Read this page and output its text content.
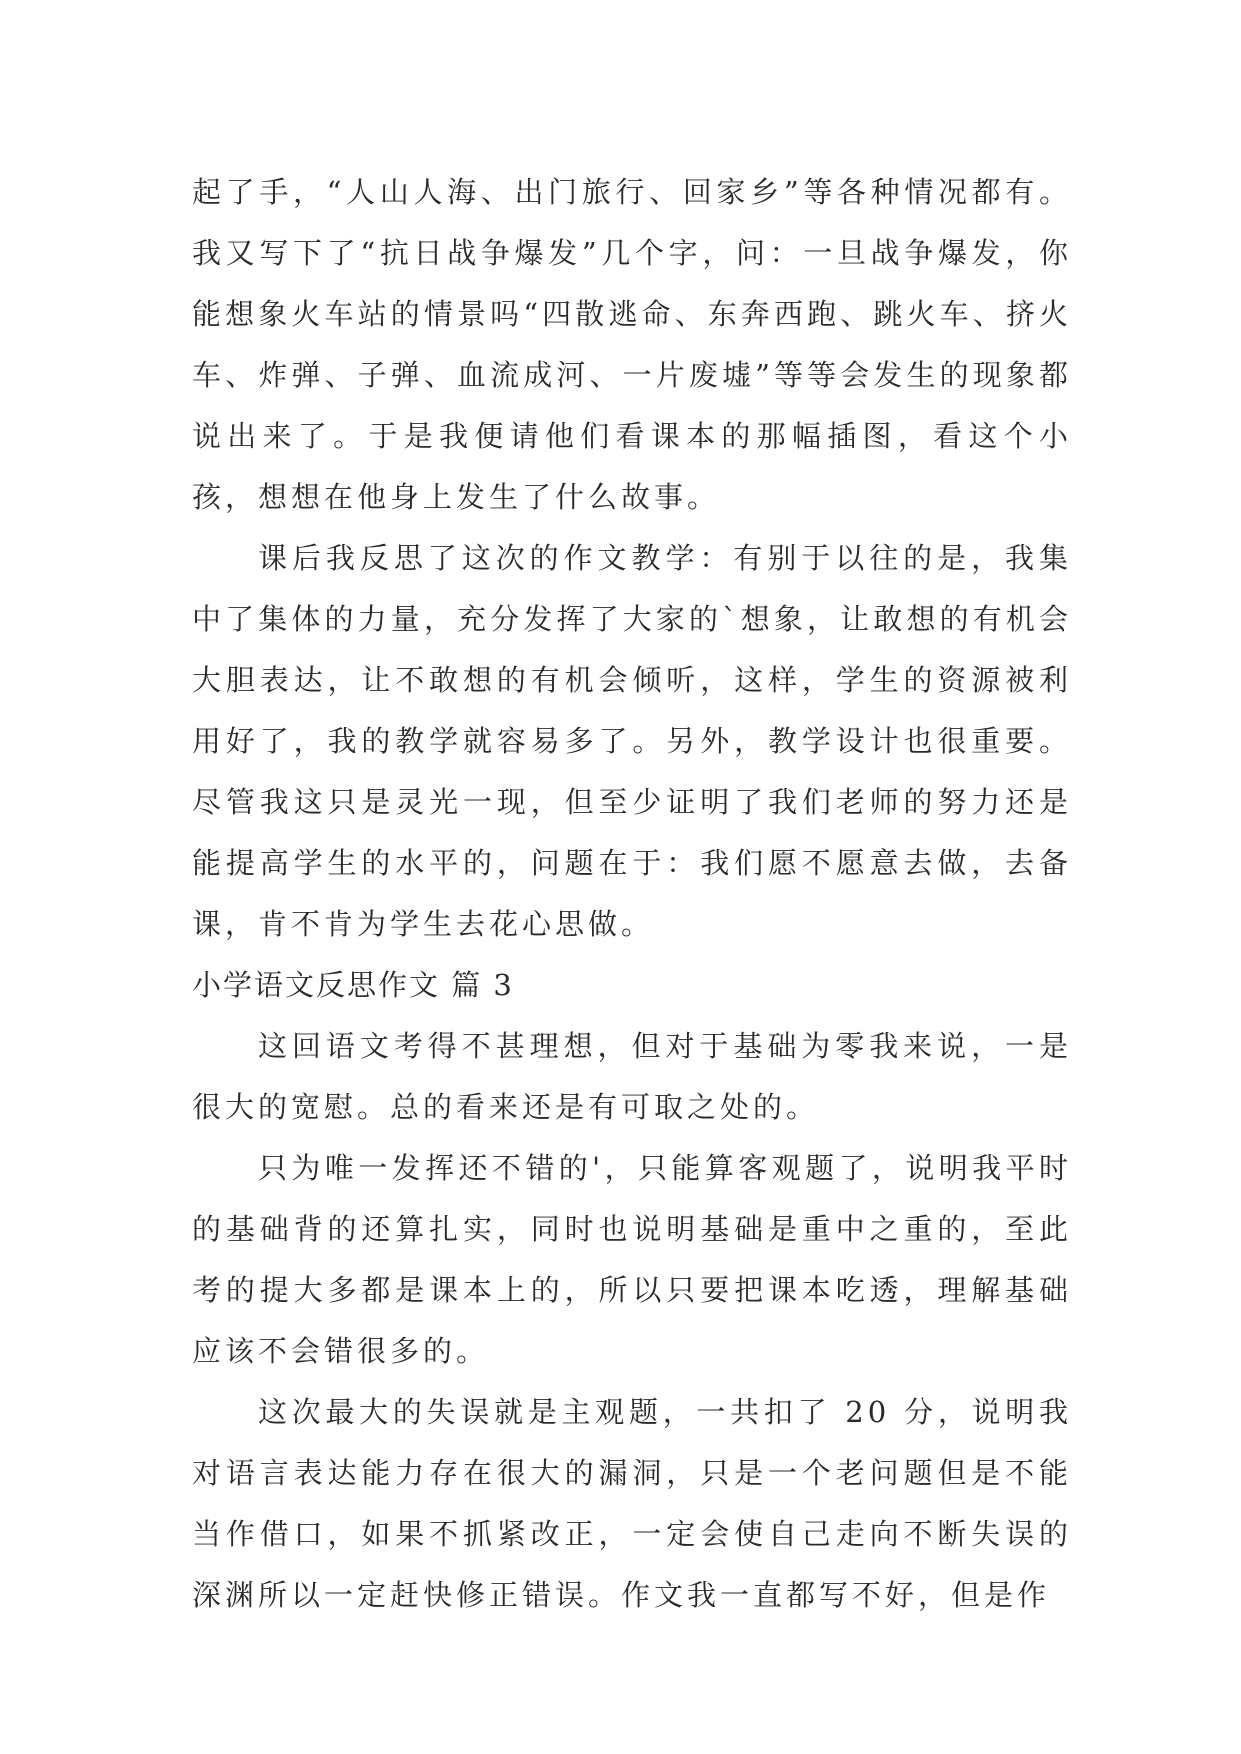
起了手，“人山人海、出门旅行、回家乡”等各种情况都有。我又写下了“抗日战争爆发”几个字，问：一旦战争爆发，你能想象火车站的情景吗“四散逃命、东奔西跑、跳火车、挤火车、炸弹、子弹、血流成河、一片废墟”等等会发生的现象都说出来了。于是我便请他们看课本的那幅插图，看这个小孩，想想在他身上发生了什么故事。

课后我反思了这次的作文教学：有别于以往的是，我集中了集体的力量，充分发挥了大家的`想象，让敢想的有机会大胆表达，让不敢想的有机会倾听，这样，学生的资源被利用好了，我的教学就容易多了。另外，教学设计也很重要。尽管我这只是灵光一现，但至少证明了我们老师的努力还是能提高学生的水平的，问题在于：我们愿不愿意去做，去备课，肯不肯为学生去花心思做。

小学语文反思作文 篇 3

这回语文考得不甚理想，但对于基础为零我来说，一是很大的宽慰。总的看来还是有可取之处的。

只为唯一发挥还不错的'，只能算客观题了，说明我平时的基础背的还算扎实，同时也说明基础是重中之重的，至此考的提大多都是课本上的，所以只要把课本吃透，理解基础应该不会错很多的。

这次最大的失误就是主观题，一共扣了 20 分，说明我对语言表达能力存在很大的漏洞，只是一个老问题但是不能当作借口，如果不抓紧改正，一定会使自己走向不断失误的深渊所以一定赶快修正错误。作文我一直都写不好，但是作
